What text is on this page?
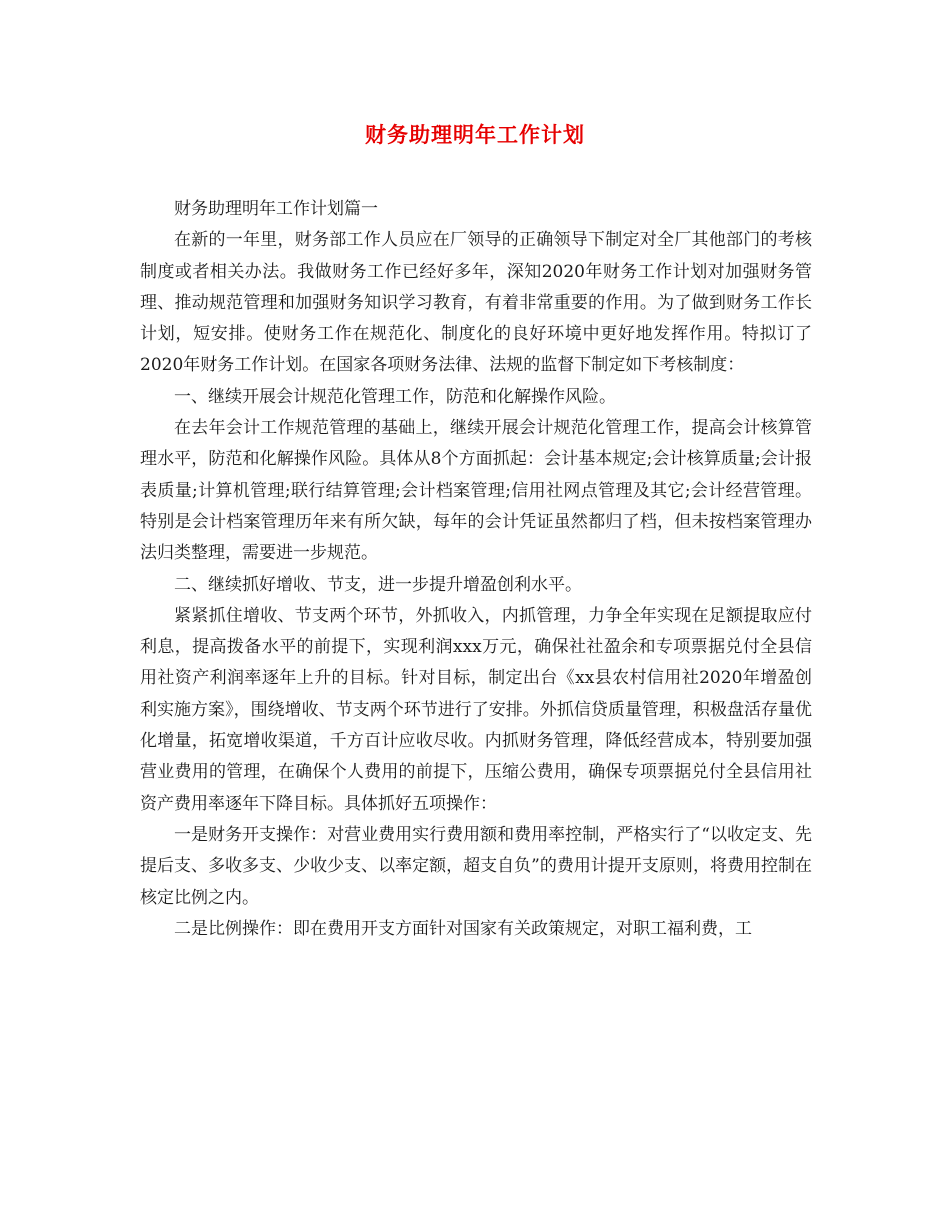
财务助理明年工作计划

财务助理明年工作计划篇一

在新的一年里，财务部工作人员应在厂领导的正确领导下制定对全厂其他部门的考核制度或者相关办法。我做财务工作已经好多年，深知2020年财务工作计划对加强财务管理、推动规范管理和加强财务知识学习教育，有着非常重要的作用。为了做到财务工作长计划，短安排。使财务工作在规范化、制度化的良好环境中更好地发挥作用。特拟订了2020年财务工作计划。在国家各项财务法律、法规的监督下制定如下考核制度：

一、继续开展会计规范化管理工作，防范和化解操作风险。

在去年会计工作规范管理的基础上，继续开展会计规范化管理工作，提高会计核算管理水平，防范和化解操作风险。具体从8个方面抓起：会计基本规定;会计核算质量;会计报表质量;计算机管理;联行结算管理;会计档案管理;信用社网点管理及其它;会计经营管理。特别是会计档案管理历年来有所欠缺，每年的会计凭证虽然都归了档，但未按档案管理办法归类整理，需要进一步规范。

二、继续抓好增收、节支，进一步提升增盈创利水平。

紧紧抓住增收、节支两个环节，外抓收入，内抓管理，力争全年实现在足额提取应付利息，提高拨备水平的前提下，实现利润xxx万元，确保社社盈余和专项票据兑付全县信用社资产利润率逐年上升的目标。针对目标，制定出台《xx县农村信用社2020年增盈创利实施方案》，围绕增收、节支两个环节进行了安排。外抓信贷质量管理，积极盘活存量优化增量，拓宽增收渠道，千方百计应收尽收。内抓财务管理，降低经营成本，特别要加强营业费用的管理，在确保个人费用的前提下，压缩公费用，确保专项票据兑付全县信用社资产费用率逐年下降目标。具体抓好五项操作：

一是财务开支操作：对营业费用实行费用额和费用率控制，严格实行了“以收定支、先提后支、多收多支、少收少支、以率定额，超支自负”的费用计提开支原则，将费用控制在核定比例之内。

二是比例操作：即在费用开支方面针对国家有关政策规定，对职工福利费，工
